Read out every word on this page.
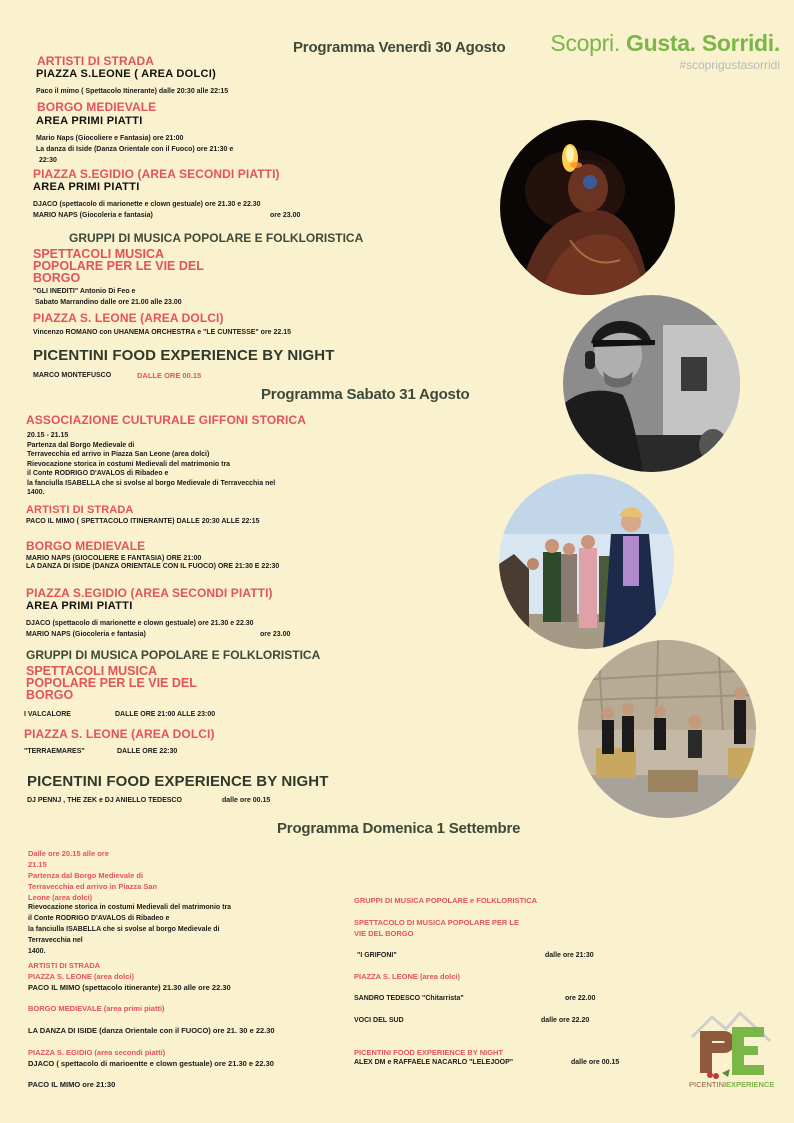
Scopri. Gusta. Sorridi.
#scoprigustasorridi
Programma Venerdì 30 Agosto
ARTISTI DI STRADA
PIAZZA S.LEONE ( AREA DOLCI)
Paco il mimo ( Spettacolo Itinerante) dalle 20:30 alle 22:15
BORGO MEDIEVALE
AREA PRIMI PIATTI
Mario Naps (Giocoliere e Fantasia) ore 21:00
La danza di Iside (Danza Orientale con il Fuoco) ore 21:30 e
22:30
PIAZZA S.EGIDIO (AREA SECONDI PIATTI)
AREA PRIMI PIATTI
DJACO (spettacolo di marionette e clown gestuale) ore 21.30 e 22.30
MARIO NAPS (Giocoleria e fantasia)	ore 23.00
GRUPPI DI MUSICA POPOLARE E FOLKLORISTICA
SPETTACOLI MUSICA
POPOLARE PER LE VIE DEL
BORGO
"GLI INEDITI" Antonio Di Feo e
Sabato Marrandino dalle ore 21.00 alle 23.00
PIAZZA S. LEONE (AREA DOLCI)
Vincenzo ROMANO con UHANEMA ORCHESTRA e "LE CUNTESSE" ore 22.15
PICENTINI FOOD EXPERIENCE BY NIGHT
MARCO MONTEFUSCO	DALLE ORE 00.15
Programma Sabato 31 Agosto
ASSOCIAZIONE CULTURALE GIFFONI STORICA
20.15 - 21.15
Partenza dal Borgo Medievale di
Terravecchia ed arrivo in Piazza San Leone (area dolci)
Rievocazione storica in costumi Medievali del matrimonio tra
il Conte RODRIGO D'AVALOS di Ribadeo e
la fanciulla ISABELLA che si svolse al borgo Medievale di Terravecchia nel
1400.
ARTISTI DI STRADA
PACO IL MIMO ( SPETTACOLO ITINERANTE) DALLE 20:30 ALLE 22:15
BORGO MEDIEVALE
MARIO NAPS (GIOCOLIERE E FANTASIA) ORE 21:00
LA DANZA DI ISIDE (DANZA ORIENTALE CON IL FUOCO) ORE 21:30 E 22:30
PIAZZA S.EGIDIO (AREA SECONDI PIATTI)
AREA PRIMI PIATTI
DJACO (spettacolo di marionette e clown gestuale) ore 21.30 e 22.30
MARIO NAPS (Giocoleria e fantasia)	ore 23.00
GRUPPI DI MUSICA POPOLARE E FOLKLORISTICA
SPETTACOLI MUSICA
POPOLARE PER LE VIE DEL
BORGO
I VALCALORE	DALLE ORE 21:00 ALLE 23:00
PIAZZA S. LEONE (AREA DOLCI)
"TERRAEMARES"	DALLE ORE 22:30
PICENTINI FOOD EXPERIENCE BY NIGHT
DJ PENNJ , THE ZEK e DJ ANIELLO TEDESCO	dalle ore 00.15
Programma Domenica 1 Settembre
Dalle ore 20.15 alle ore
21.15
Partenza dal Borgo Medievale di
Terravecchia ed arrivo in Piazza San
Leone (area dolci)
Rievocazione storica in costumi Medievali del matrimonio tra
il Conte RODRIGO D'AVALOS di Ribadeo e
la fanciulla ISABELLA che si svolse al borgo Medievale di
Terravecchia nel
1400.
ARTISTI DI STRADA
PIAZZA S. LEONE (area dolci)
PACO IL MIMO (spettacolo itinerante) 21.30 alle ore 22.30
BORGO MEDIEVALE (area primi piatti)
LA DANZA DI ISIDE (danza Orientale con il FUOCO) ore 21. 30 e 22.30
PIAZZA S. EGIDIO (area secondi piatti)
DJACO ( spettacolo di marioentte e clown gestuale) ore 21.30 e 22.30
PACO IL MIMO ore 21:30
GRUPPI DI MUSICA POPOLARE e FOLKLORISTICA
SPETTACOLO DI MUSICA POPOLARE PER LE
VIE DEL BORGO
"I GRIFONI"	dalle ore 21:30
PIAZZA S. LEONE (area dolci)
SANDRO TEDESCO "Chitarrista"	ore 22.00
VOCI DEL SUD	dalle ore 22.20
PICENTINI FOOD EXPERIENCE BY NIGHT
ALEX DM e RAFFAELE NACARLO "LELEJOOP"	dalle ore 00.15
PICENTINI EXPERIENCE
